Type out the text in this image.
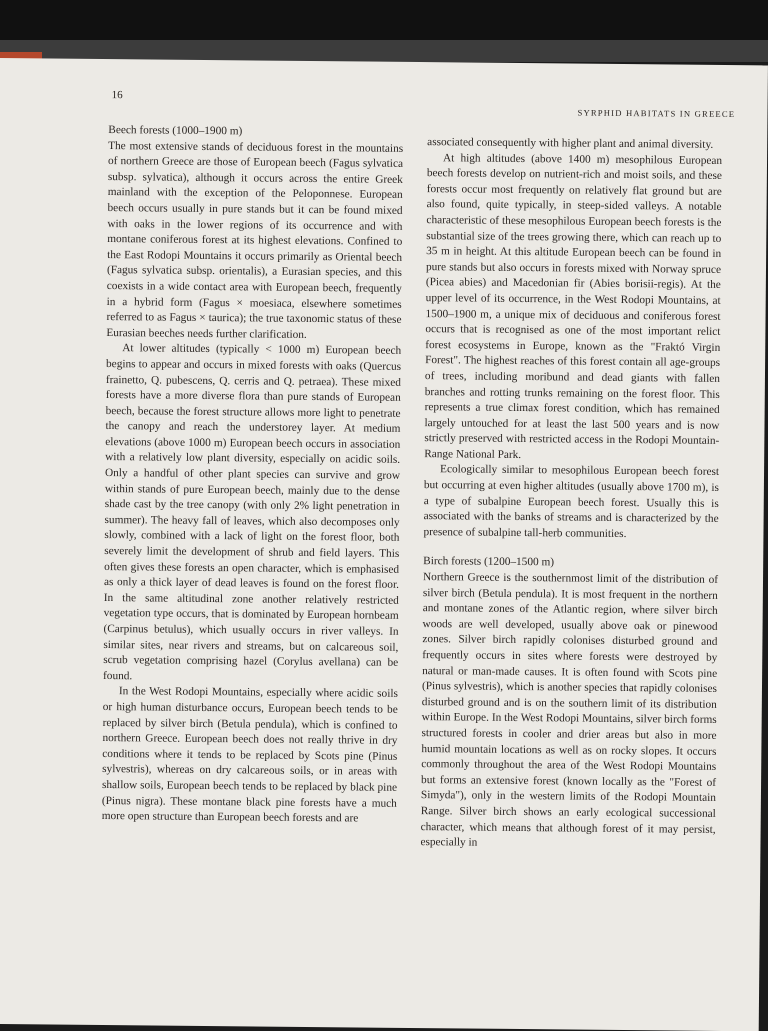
16
SYRPHID HABITATS IN GREECE
Beech forests (1000–1900 m)

The most extensive stands of deciduous forest in the mountains of northern Greece are those of European beech (Fagus sylvatica subsp. sylvatica), although it occurs across the entire Greek mainland with the exception of the Peloponnese. European beech occurs usually in pure stands but it can be found mixed with oaks in the lower regions of its occurrence and with montane coniferous forest at its highest elevations. Confined to the East Rodopi Mountains it occurs primarily as Oriental beech (Fagus sylvatica subsp. orientalis), a Eurasian species, and this coexists in a wide contact area with European beech, frequently in a hybrid form (Fagus × moesiaca, elsewhere sometimes referred to as Fagus × taurica); the true taxonomic status of these Eurasian beeches needs further clarification.

At lower altitudes (typically < 1000 m) European beech begins to appear and occurs in mixed forests with oaks (Quercus frainetto, Q. pubescens, Q. cerris and Q. petraea). These mixed forests have a more diverse flora than pure stands of European beech, because the forest structure allows more light to penetrate the canopy and reach the understorey layer. At medium elevations (above 1000 m) European beech occurs in association with a relatively low plant diversity, especially on acidic soils. Only a handful of other plant species can survive and grow within stands of pure European beech, mainly due to the dense shade cast by the tree canopy (with only 2% light penetration in summer). The heavy fall of leaves, which also decomposes only slowly, combined with a lack of light on the forest floor, both severely limit the development of shrub and field layers. This often gives these forests an open character, which is emphasised as only a thick layer of dead leaves is found on the forest floor. In the same altitudinal zone another relatively restricted vegetation type occurs, that is dominated by European hornbeam (Carpinus betulus), which usually occurs in river valleys. In similar sites, near rivers and streams, but on calcareous soil, scrub vegetation comprising hazel (Corylus avellana) can be found.

In the West Rodopi Mountains, especially where acidic soils or high human disturbance occurs, European beech tends to be replaced by silver birch (Betula pendula), which is confined to northern Greece. European beech does not really thrive in dry conditions where it tends to be replaced by Scots pine (Pinus sylvestris), whereas on dry calcareous soils, or in areas with shallow soils, European beech tends to be replaced by black pine (Pinus nigra). These montane black pine forests have a much more open structure than European beech forests and are

associated consequently with higher plant and animal diversity.

At high altitudes (above 1400 m) mesophilous European beech forests develop on nutrient-rich and moist soils, and these forests occur most frequently on relatively flat ground but are also found, quite typically, in steep-sided valleys. A notable characteristic of these mesophilous European beech forests is the substantial size of the trees growing there, which can reach up to 35 m in height. At this altitude European beech can be found in pure stands but also occurs in forests mixed with Norway spruce (Picea abies) and Macedonian fir (Abies borisii-regis). At the upper level of its occurrence, in the West Rodopi Mountains, at 1500–1900 m, a unique mix of deciduous and coniferous forest occurs that is recognised as one of the most important relict forest ecosystems in Europe, known as the "Fraktó Virgin Forest". The highest reaches of this forest contain all age-groups of trees, including moribund and dead giants with fallen branches and rotting trunks remaining on the forest floor. This represents a true climax forest condition, which has remained largely untouched for at least the last 500 years and is now strictly preserved with restricted access in the Rodopi Mountain-Range National Park.

Ecologically similar to mesophilous European beech forest but occurring at even higher altitudes (usually above 1700 m), is a type of subalpine European beech forest. Usually this is associated with the banks of streams and is characterized by the presence of subalpine tall-herb communities.

Birch forests (1200–1500 m)

Northern Greece is the southernmost limit of the distribution of silver birch (Betula pendula). It is most frequent in the northern and montane zones of the Atlantic region, where silver birch woods are well developed, usually above oak or pinewood zones. Silver birch rapidly colonises disturbed ground and frequently occurs in sites where forests were destroyed by natural or man-made causes. It is often found with Scots pine (Pinus sylvestris), which is another species that rapidly colonises disturbed ground and is on the southern limit of its distribution within Europe. In the West Rodopi Mountains, silver birch forms structured forests in cooler and drier areas but also in more humid mountain locations as well as on rocky slopes. It occurs commonly throughout the area of the West Rodopi Mountains but forms an extensive forest (known locally as the "Forest of Simyda"), only in the western limits of the Rodopi Mountain Range. Silver birch shows an early ecological successional character, which means that although forest of it may persist, especially in
